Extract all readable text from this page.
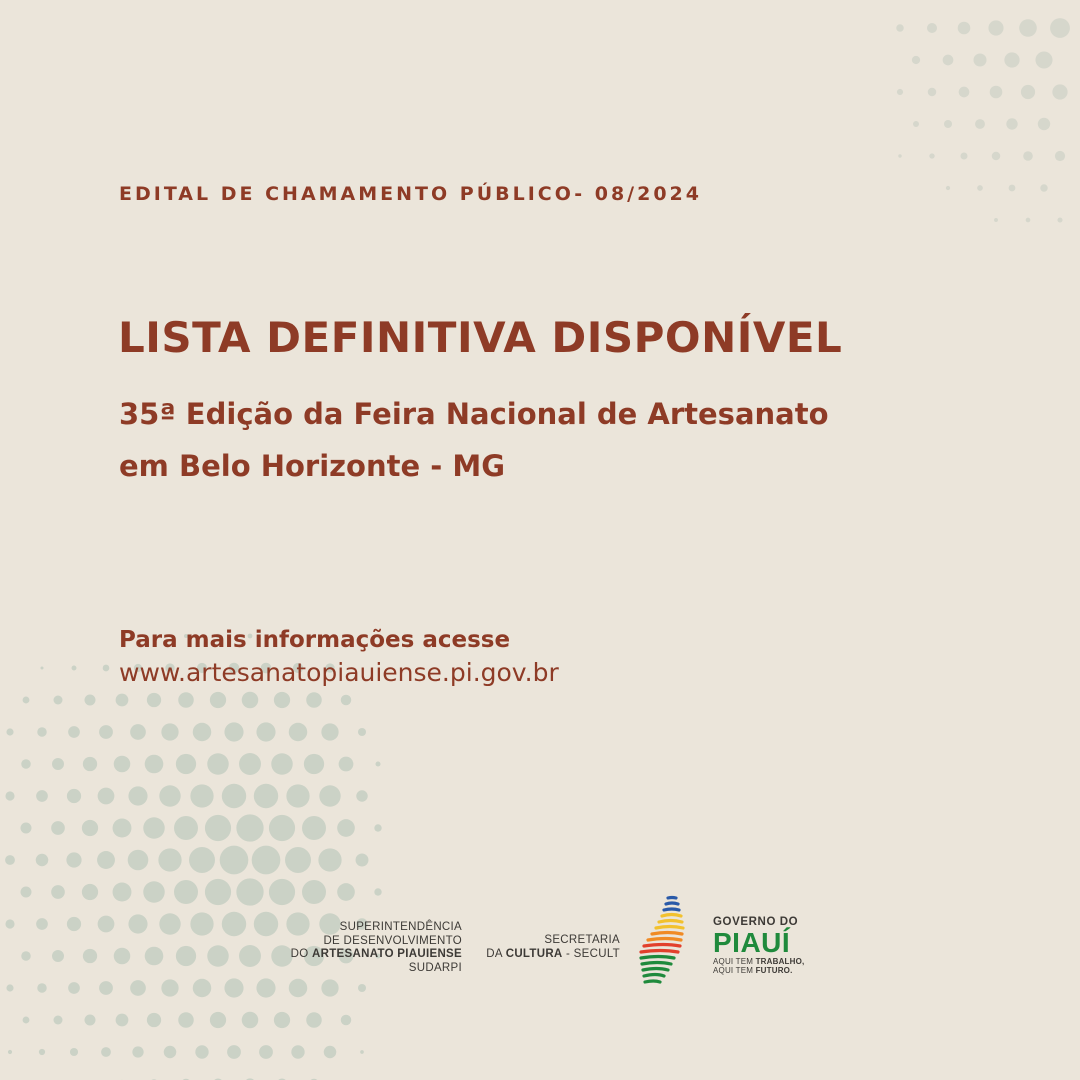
EDITAL DE CHAMAMENTO PÚBLICO- 08/2024
LISTA DEFINITIVA DISPONÍVEL
35ª Edição da Feira Nacional de Artesanato
em Belo Horizonte - MG
Para mais informações acesse
www.artesanatopiauiense.pi.gov.br
SUPERINTENDÊNCIA
DE DESENVOLVIMENTO
DO ARTESANATO PIAUIENSE
SUDARPI
SECRETARIA
DA CULTURA - SECULT
GOVERNO DO
PIAUÍ
AQUI TEM TRABALHO,
AQUI TEM FUTURO.
